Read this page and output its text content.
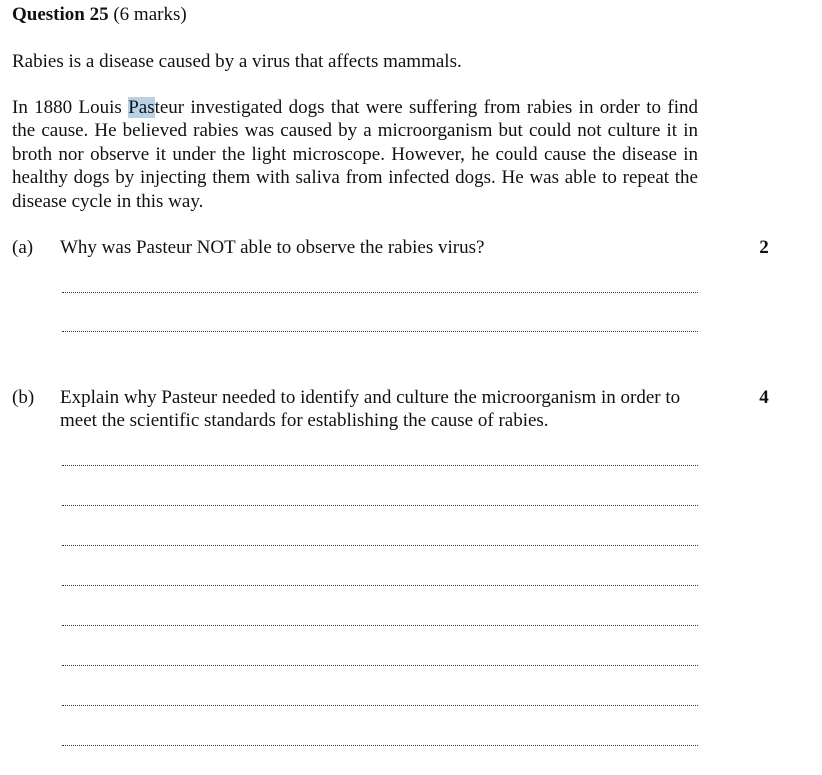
Question 25 (6 marks)
Rabies is a disease caused by a virus that affects mammals.
In 1880 Louis Pasteur investigated dogs that were suffering from rabies in order to find the cause. He believed rabies was caused by a microorganism but could not culture it in broth nor observe it under the light microscope. However, he could cause the disease in healthy dogs by injecting them with saliva from infected dogs. He was able to repeat the disease cycle in this way.
(a) Why was Pasteur NOT able to observe the rabies virus?	2
(b) Explain why Pasteur needed to identify and culture the microorganism in order to meet the scientific standards for establishing the cause of rabies.
4
